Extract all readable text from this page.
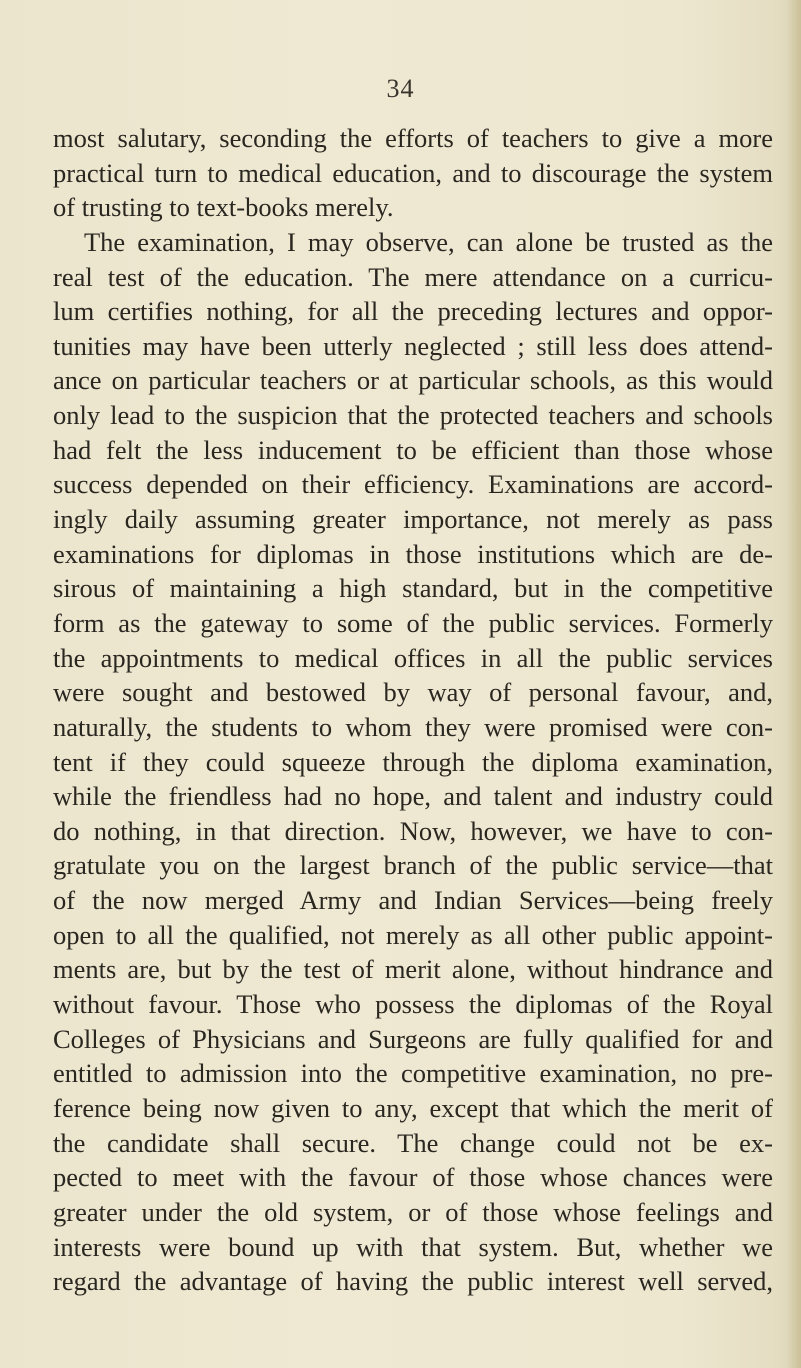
34
most salutary, seconding the efforts of teachers to give a more
practical turn to medical education, and to discourage the system
of trusting to text-books merely.
The examination, I may observe, can alone be trusted as the
real test of the education. The mere attendance on a curricu-
lum certifies nothing, for all the preceding lectures and oppor-
tunities may have been utterly neglected ; still less does attend-
ance on particular teachers or at particular schools, as this would
only lead to the suspicion that the protected teachers and schools
had felt the less inducement to be efficient than those whose
success depended on their efficiency. Examinations are accord-
ingly daily assuming greater importance, not merely as pass
examinations for diplomas in those institutions which are de-
sirous of maintaining a high standard, but in the competitive
form as the gateway to some of the public services. Formerly
the appointments to medical offices in all the public services
were sought and bestowed by way of personal favour, and,
naturally, the students to whom they were promised were con-
tent if they could squeeze through the diploma examination,
while the friendless had no hope, and talent and industry could
do nothing, in that direction. Now, however, we have to con-
gratulate you on the largest branch of the public service—that
of the now merged Army and Indian Services—being freely
open to all the qualified, not merely as all other public appoint-
ments are, but by the test of merit alone, without hindrance and
without favour. Those who possess the diplomas of the Royal
Colleges of Physicians and Surgeons are fully qualified for and
entitled to admission into the competitive examination, no pre-
ference being now given to any, except that which the merit of
the candidate shall secure. The change could not be ex-
pected to meet with the favour of those whose chances were
greater under the old system, or of those whose feelings and
interests were bound up with that system. But, whether we
regard the advantage of having the public interest well served,
